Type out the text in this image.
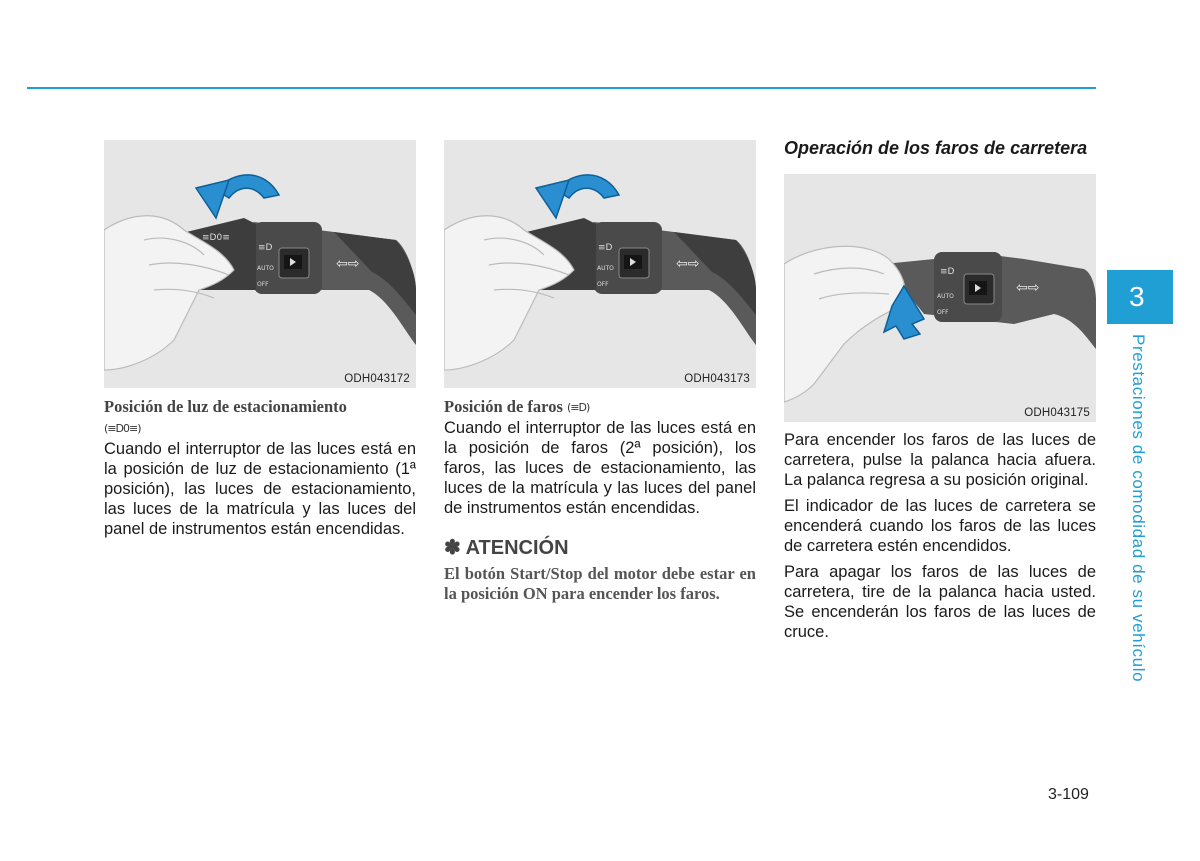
AUTO
OFF
≡D
⇦⇨
≡D0≡
ODH043172
Posición de luz de estacionamiento
(≡D0≡)

Cuando el interruptor de las luces está en la posición de luz de estacionamiento (1ª posición), las luces de estacionamiento, las luces de la matrícula y las luces del panel de instrumentos están encendidas.

AUTO
OFF
≡D
⇦⇨
ODH043173
Posición de faros (≡D)

Cuando el interruptor de las luces está en la posición de faros (2ª posición), los faros, las luces de estacionamiento, las luces de la matrícula y las luces del panel de instrumentos están encendidas.

✽ ATENCIÓN
El botón Start/Stop del motor debe estar en la posición ON para encender los faros.
Operación de los faros de carretera
AUTO
OFF
≡D
⇦⇨
ODH043175

Para encender los faros de las luces de carretera, pulse la palanca hacia afuera. La palanca regresa a su posición original.

El indicador de las luces de carretera se encenderá cuando los faros de las luces de carretera estén encendidos.

Para apagar los faros de las luces de carretera, tire de la palanca hacia usted. Se encenderán los faros de las luces de cruce.

3
Prestaciones de comodidad de su vehículo
3-109
